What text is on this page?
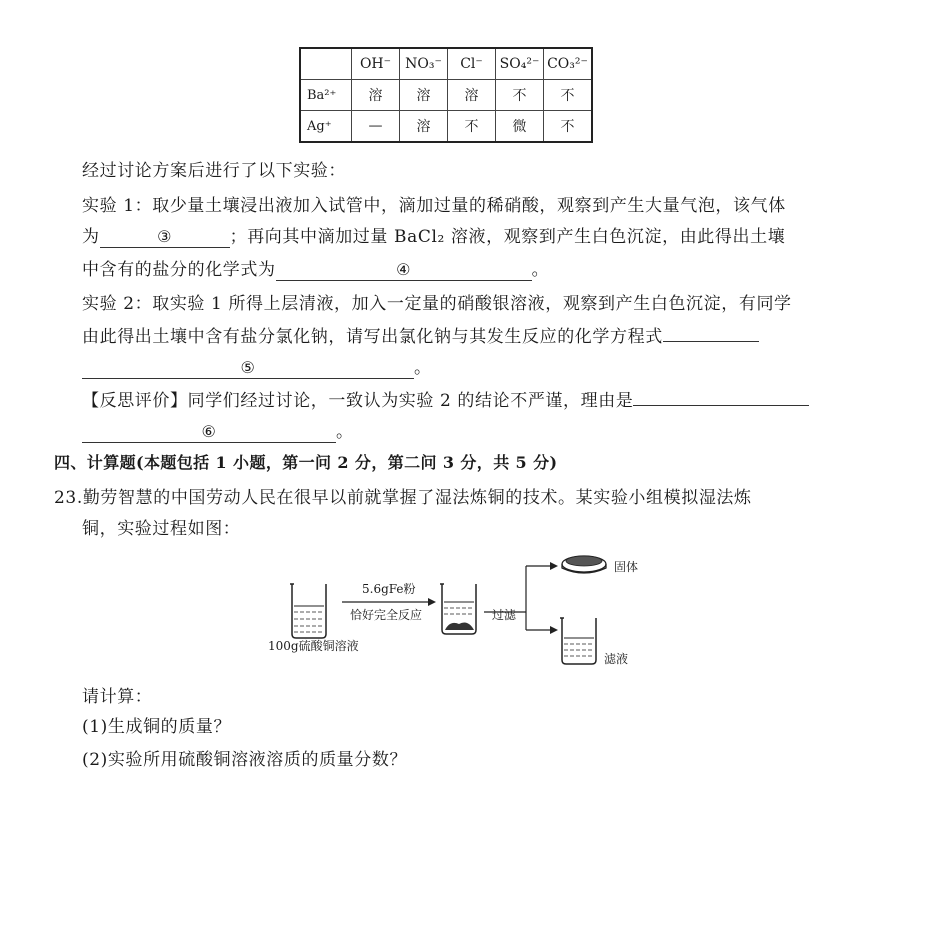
	OH⁻	NO₃⁻	Cl⁻	SO₄²⁻	CO₃²⁻
Ba²⁺	溶	溶	溶	不	不
Ag⁺	—	溶	不	微	不
经过讨论方案后进行了以下实验：
实验 1：取少量土壤浸出液加入试管中，滴加过量的稀硝酸，观察到产生大量气泡，该气体
为	③	；再向其中滴加过量 BaCl₂ 溶液，观察到产生白色沉淀，由此得出土壤
中含有的盐分的化学式为	④	。
实验 2：取实验 1 所得上层清液，加入一定量的硝酸银溶液，观察到产生白色沉淀，有同学
由此得出土壤中含有盐分氯化钠，请写出氯化钠与其发生反应的化学方程式
⑤	。
【反思评价】同学们经过讨论，一致认为实验 2 的结论不严谨，理由是
⑥	。
四、计算题(本题包括 1 小题，第一问 2 分，第二问 3 分，共 5 分)
23.勤劳智慧的中国劳动人民在很早以前就掌握了湿法炼铜的技术。某实验小组模拟湿法炼
铜，实验过程如图：
100g硫酸铜溶液
5.6gFe粉
恰好完全反应	过滤
固体
滤液
请计算：
(1)生成铜的质量？
(2)实验所用硫酸铜溶液溶质的质量分数？
